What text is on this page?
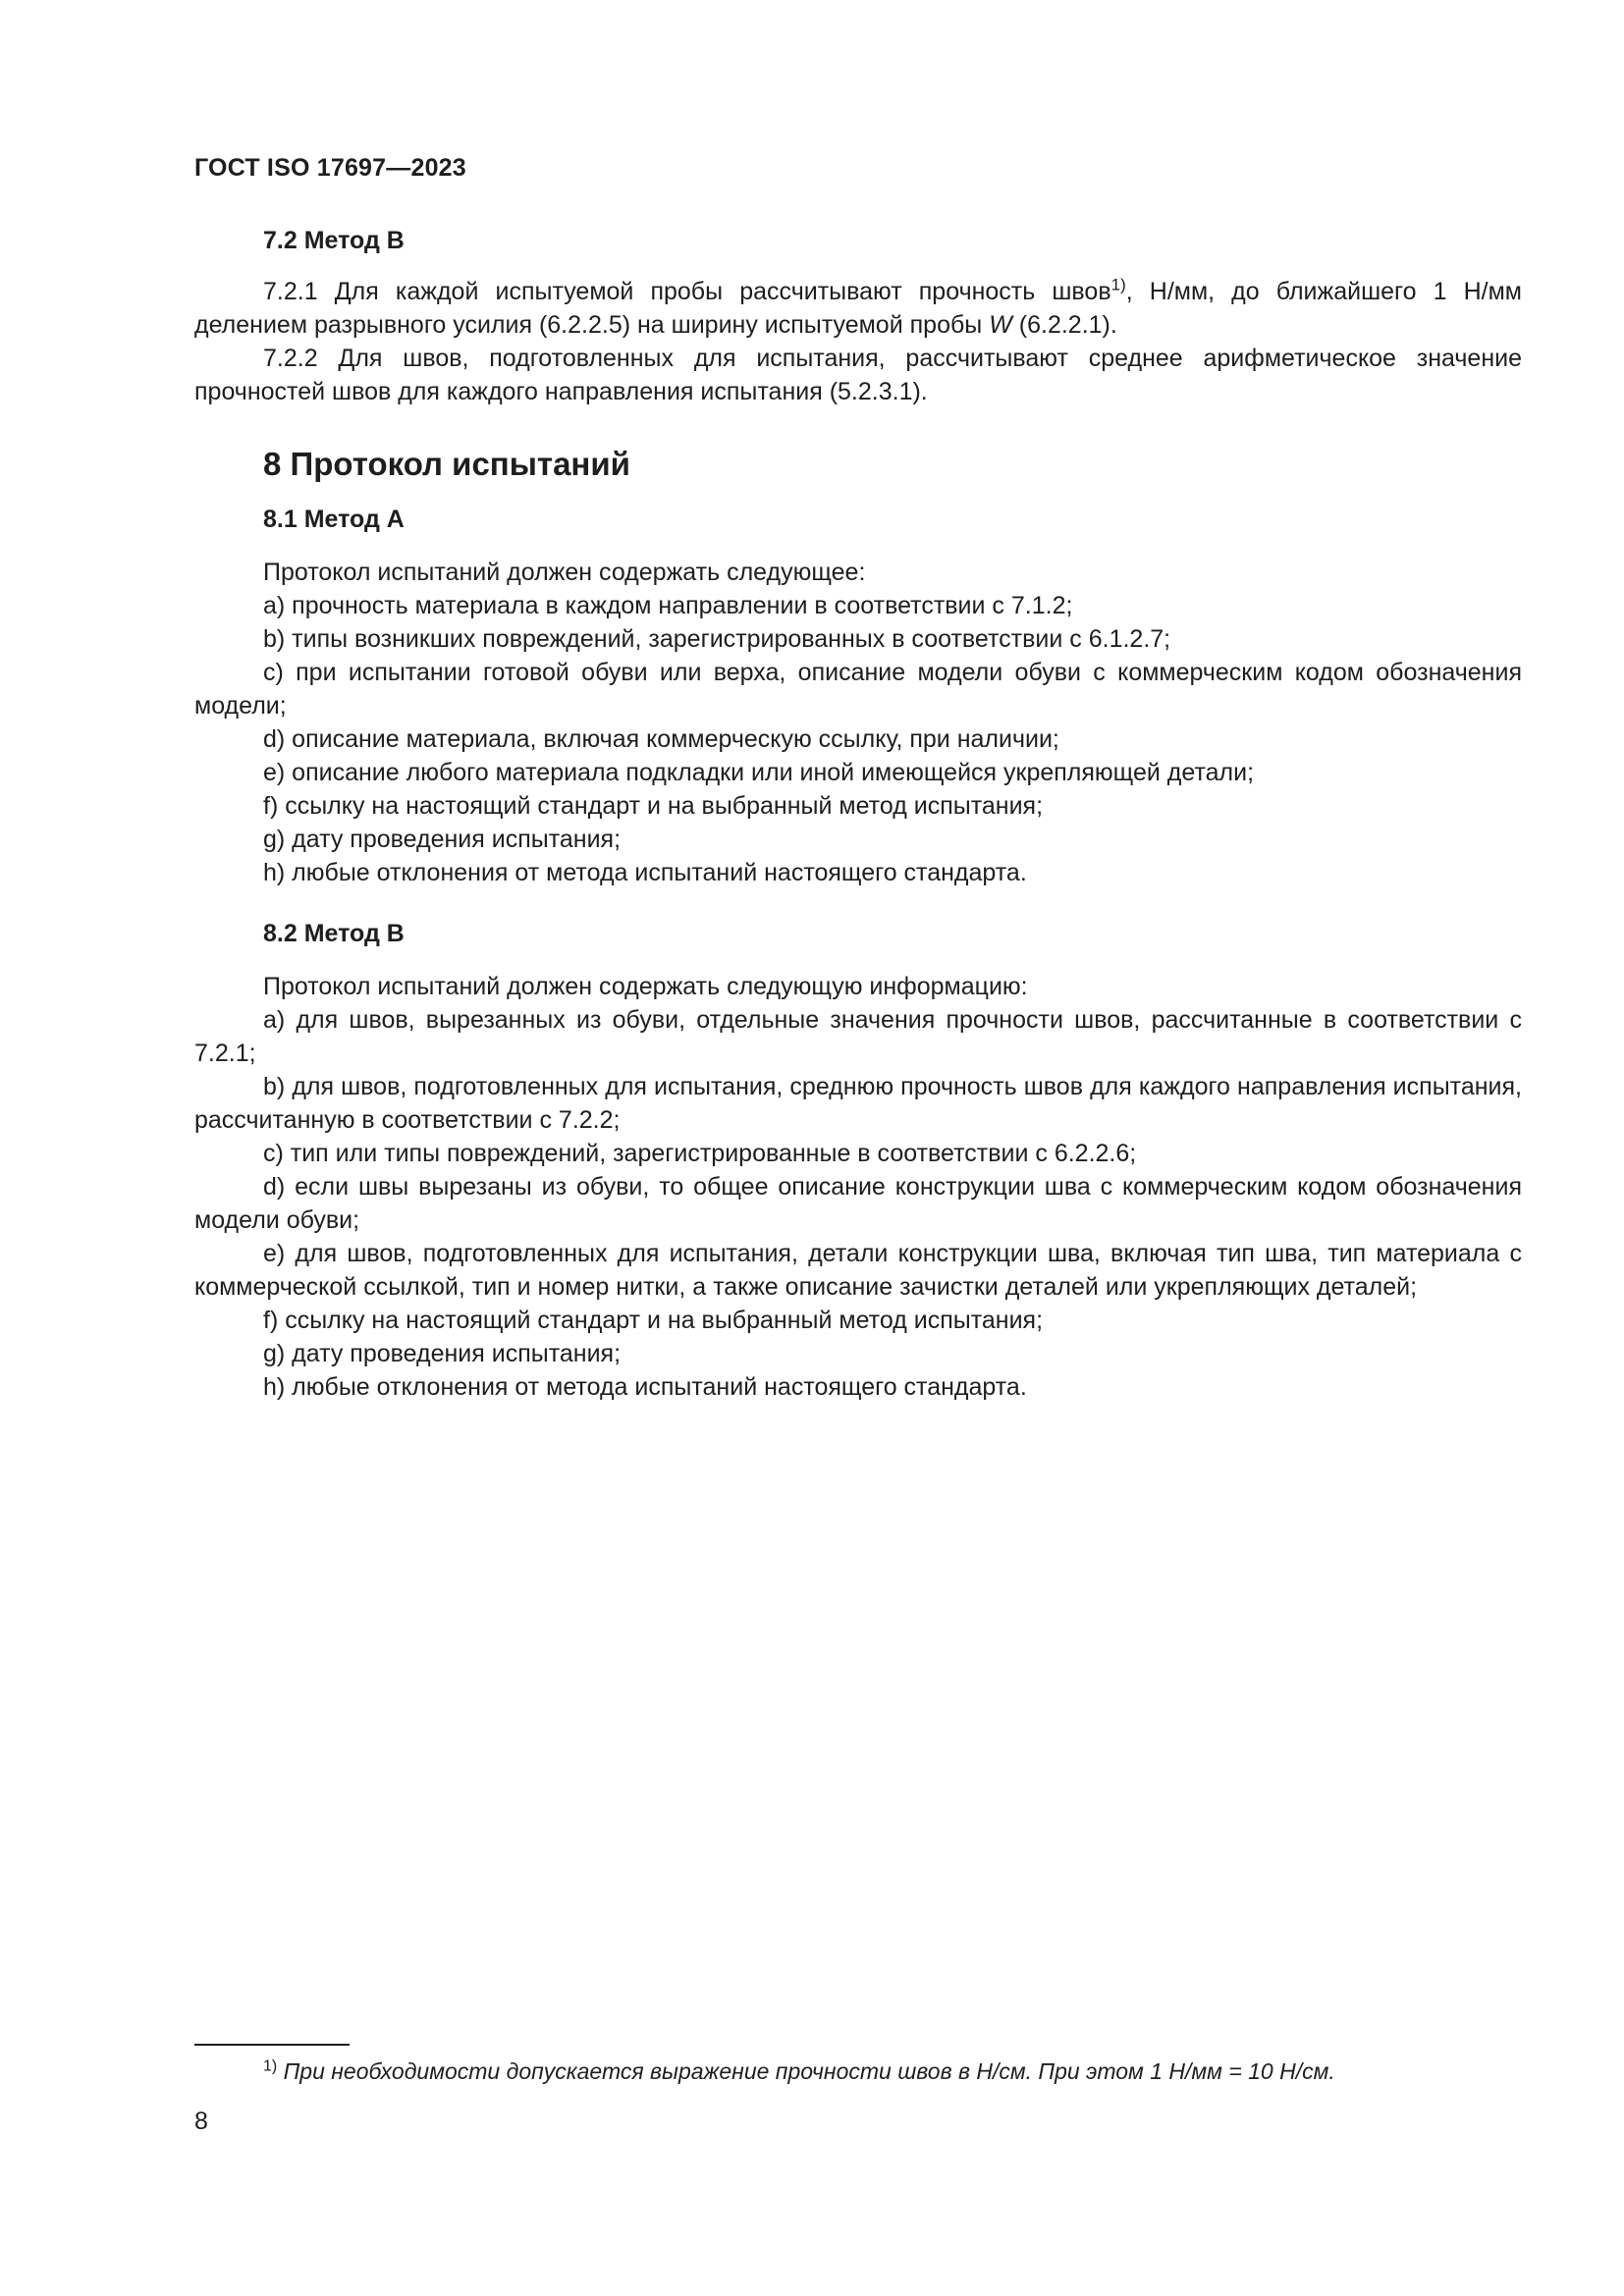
ГОСТ ISO 17697—2023

7.2 Метод В

7.2.1 Для каждой испытуемой пробы рассчитывают прочность швов$^{1)}$, Н/мм, до ближайшего 1 Н/мм делением разрывного усилия (6.2.2.5) на ширину испытуемой пробы W (6.2.2.1).

7.2.2 Для швов, подготовленных для испытания, рассчитывают среднее арифметическое значение прочностей швов для каждого направления испытания (5.2.3.1).

8 Протокол испытаний

8.1 Метод А

Протокол испытаний должен содержать следующее:

a) прочность материала в каждом направлении в соответствии с 7.1.2;

b) типы возникших повреждений, зарегистрированных в соответствии с 6.1.2.7;

c) при испытании готовой обуви или верха, описание модели обуви с коммерческим кодом обозначения модели;

d) описание материала, включая коммерческую ссылку, при наличии;

e) описание любого материала подкладки или иной имеющейся укрепляющей детали;

f) ссылку на настоящий стандарт и на выбранный метод испытания;

g) дату проведения испытания;

h) любые отклонения от метода испытаний настоящего стандарта.

8.2 Метод В

Протокол испытаний должен содержать следующую информацию:

a) для швов, вырезанных из обуви, отдельные значения прочности швов, рассчитанные в соответствии с 7.2.1;

b) для швов, подготовленных для испытания, среднюю прочность швов для каждого направления испытания, рассчитанную в соответствии с 7.2.2;

c) тип или типы повреждений, зарегистрированные в соответствии с 6.2.2.6;

d) если швы вырезаны из обуви, то общее описание конструкции шва с коммерческим кодом обозначения модели обуви;

e) для швов, подготовленных для испытания, детали конструкции шва, включая тип шва, тип материала с коммерческой ссылкой, тип и номер нитки, а также описание зачистки деталей или укрепляющих деталей;

f) ссылку на настоящий стандарт и на выбранный метод испытания;

g) дату проведения испытания;

h) любые отклонения от метода испытаний настоящего стандарта.

$^{1)}$ При необходимости допускается выражение прочности швов в Н/см. При этом 1 Н/мм = 10 Н/см.
8
